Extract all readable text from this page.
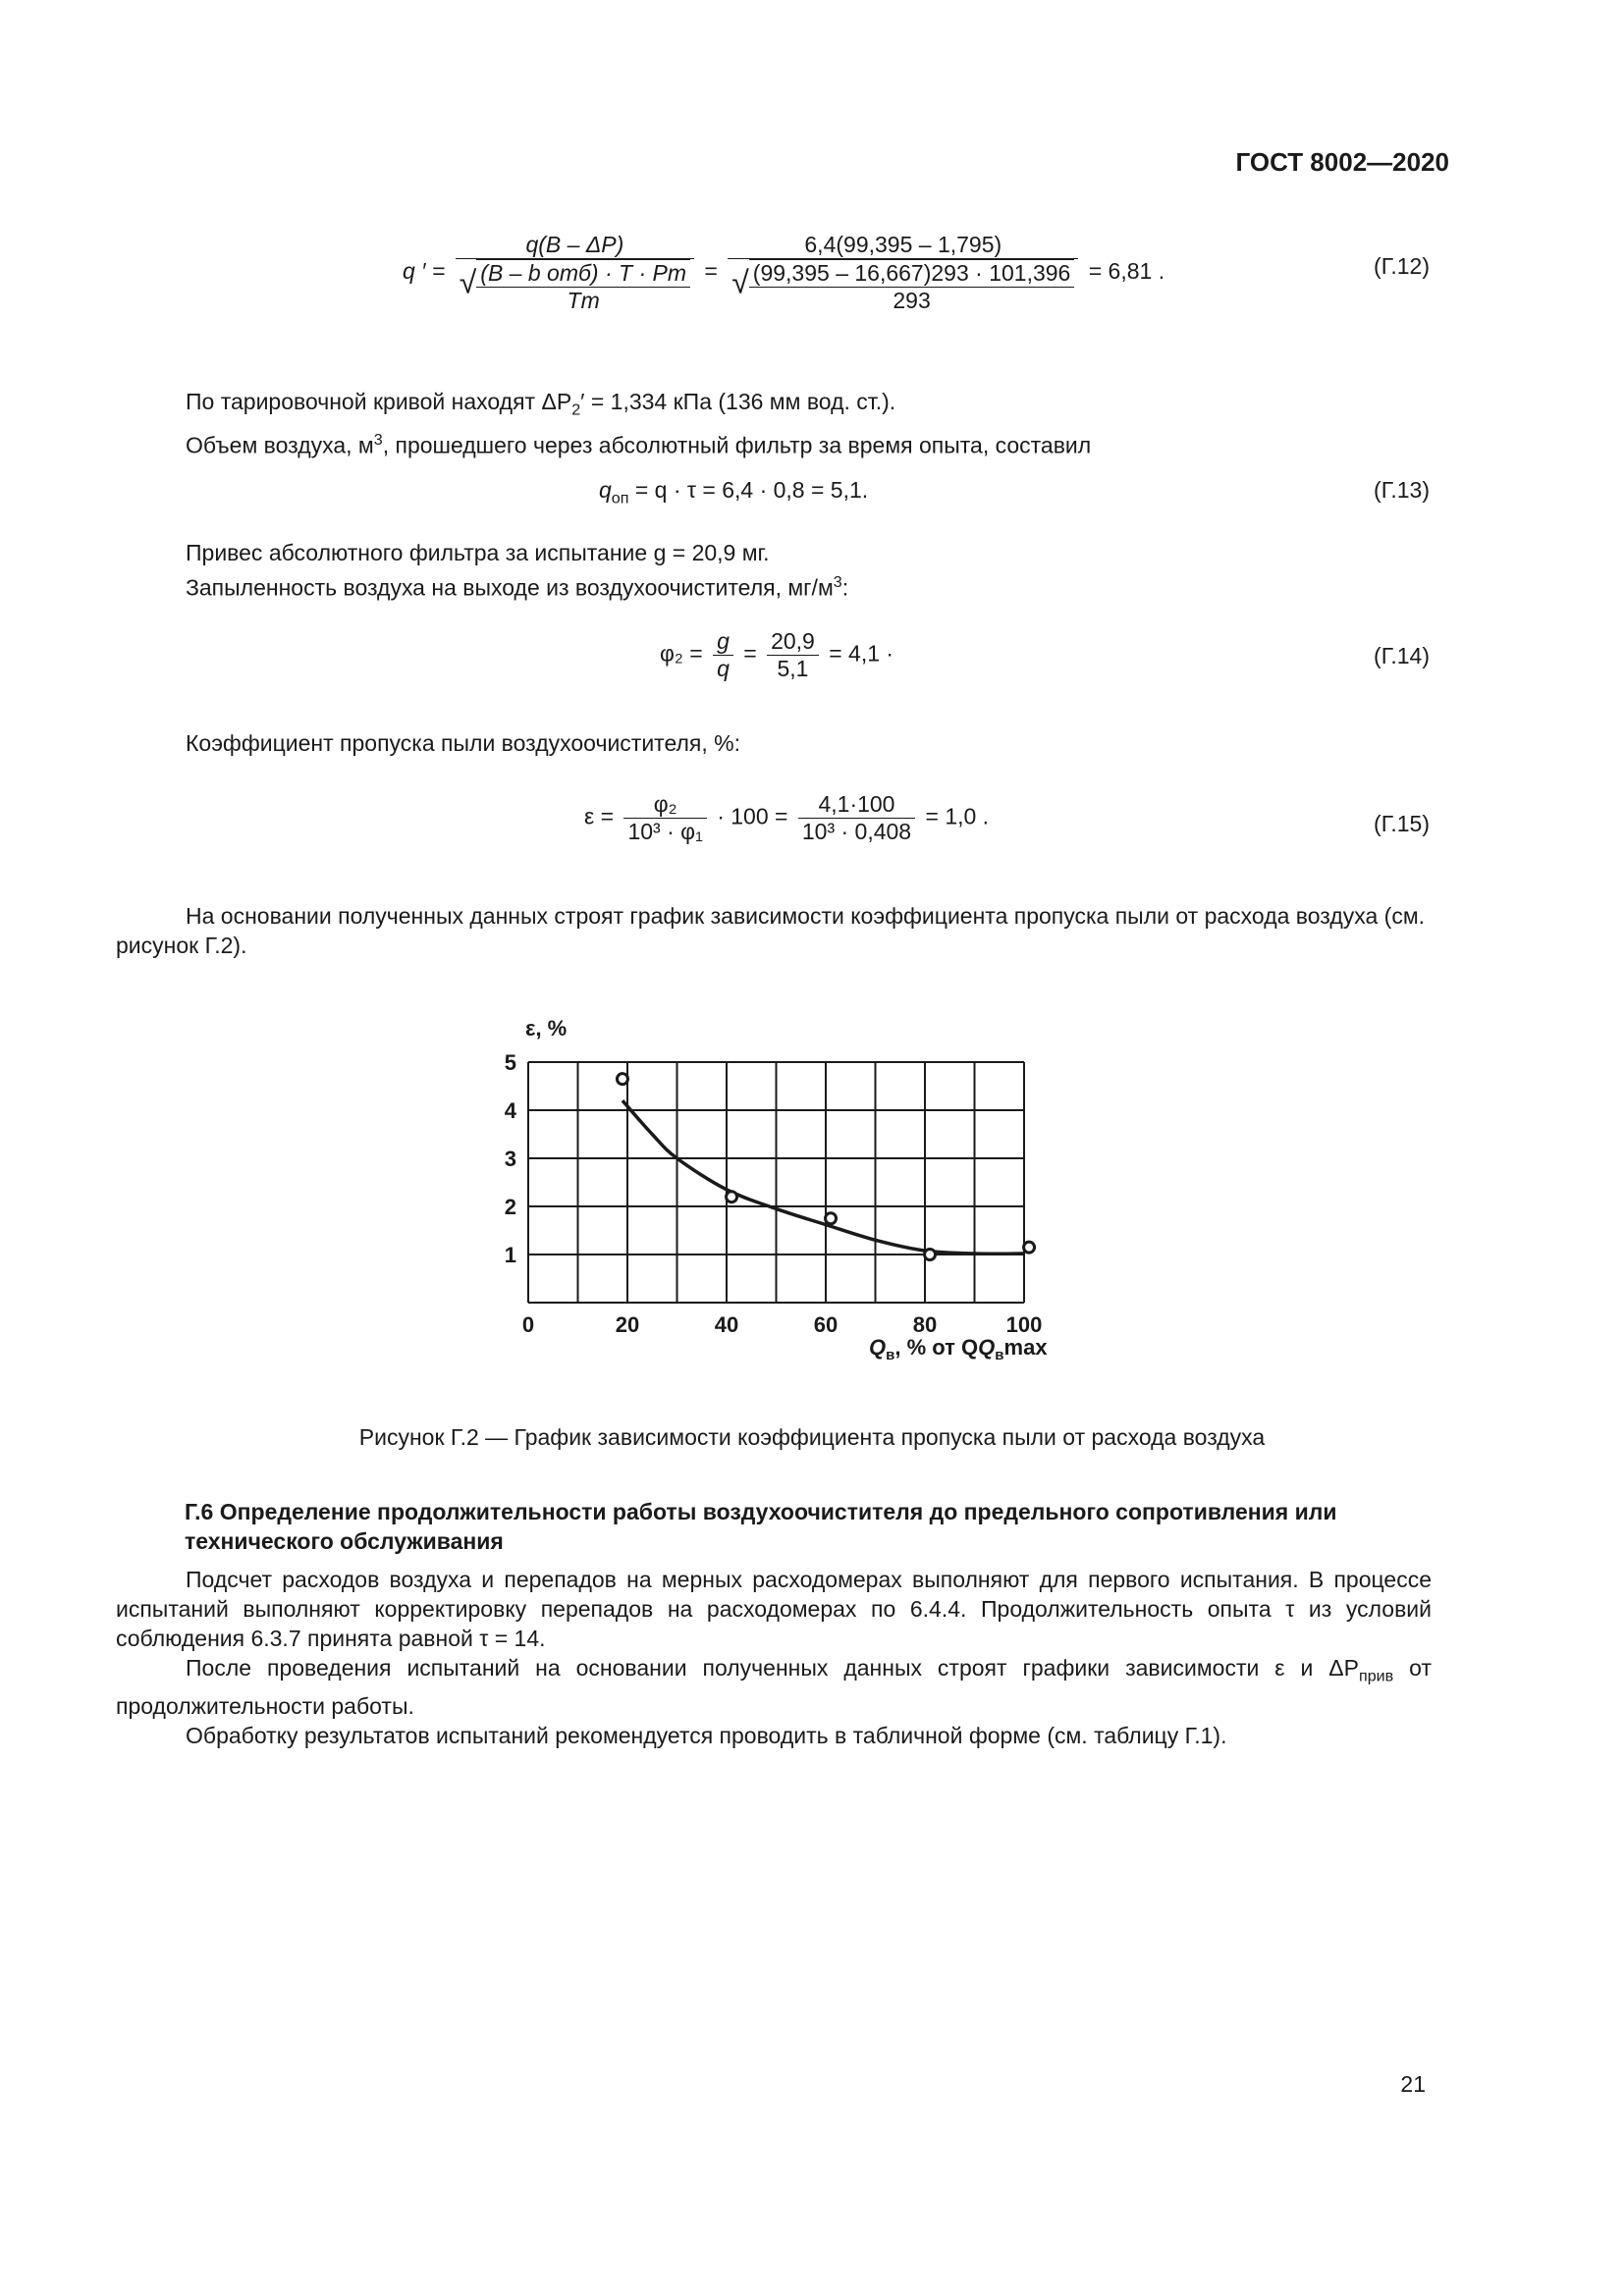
ГОСТ 8002—2020
q ′ = $\frac{q(B - \Delta P)}{√ \frac{\text{(B – b отб) · T · Pт}}{Tт}}$ =
6,4(99,395 – 1,795)
√ $\frac{(99,395 - 16,667)293 \cdot 101,396}{293} = 6,81$ .	(Г.12)
По тарировочной кривой находят $\Delta P_2' = 1,334$ кПа (136 мм вод. ст.).
Объем воздуха, $м^3$, прошедшего через абсолютный фильтр за время опыта, составил
$q_{оп} = q \cdot \tau = 6,4 \cdot 0,8 = 5,1$.	(Г.13)
Привес абсолютного фильтра за испытание g = 20,9 мг.
Запыленность воздуха на выходе из воздухоочистителя, $мг/м^3$:
$\varphi_2 = \frac{g}{q} = \frac{20,9}{5,1} = 4,1$ ·	(Г.14)
Коэффициент пропуска пыли воздухоочистителя, %:
$\varepsilon = \frac{\text{φ₂}}{\text{10³ · φ₁}} \cdot 100 = \frac{4,1\cdot 100}{\text{10³ · 0,408}} = 1,0$ .	(Г.15)
На основании полученных данных строят график зависимости коэффициента пропуска пыли от расхода воздуха (см. рисунок Г.2).
0	20	40	60	80	100
1
2
3
4
5
ε, %
$Q_в$, % от $QQ_в\max$
Рисунок Г.2 — График зависимости коэффициента пропуска пыли от расхода воздуха
Г.6 Определение продолжительности работы воздухоочистителя до предельного сопротивления или технического обслуживания
Подсчет расходов воздуха и перепадов на мерных расходомерах выполняют для первого испытания. В процессе испытаний выполняют корректировку перепадов на расходомерах по 6.4.4. Продолжительность опыта τ из условий соблюдения 6.3.7 принята равной τ = 14.
После проведения испытаний на основании полученных данных строят графики зависимости ε и $\Delta P_{прив}$ от продолжительности работы.
Обработку результатов испытаний рекомендуется проводить в табличной форме (см. таблицу Г.1).
21
